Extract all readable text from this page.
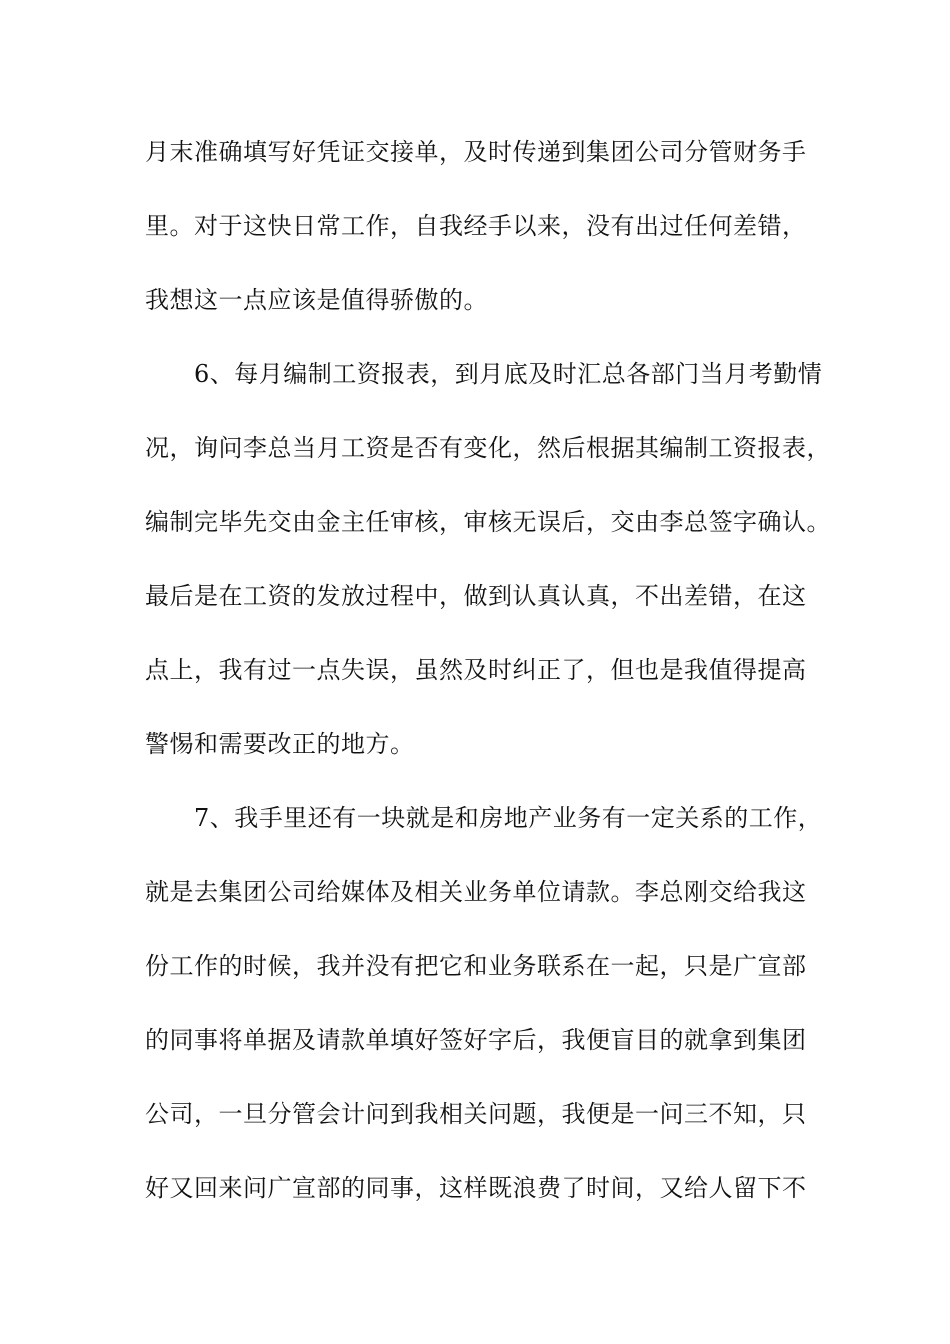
月末准确填写好凭证交接单，及时传递到集团公司分管财务手
里。对于这快日常工作，自我经手以来，没有出过任何差错，
我想这一点应该是值得骄傲的。
　　6、每月编制工资报表，到月底及时汇总各部门当月考勤情
况，询问李总当月工资是否有变化，然后根据其编制工资报表，
编制完毕先交由金主任审核，审核无误后，交由李总签字确认。
最后是在工资的发放过程中，做到认真认真，不出差错，在这
点上，我有过一点失误，虽然及时纠正了，但也是我值得提高
警惕和需要改正的地方。
　　7、我手里还有一块就是和房地产业务有一定关系的工作，
就是去集团公司给媒体及相关业务单位请款。李总刚交给我这
份工作的时候，我并没有把它和业务联系在一起，只是广宣部
的同事将单据及请款单填好签好字后，我便盲目的就拿到集团
公司，一旦分管会计问到我相关问题，我便是一问三不知，只
好又回来问广宣部的同事，这样既浪费了时间，又给人留下不
